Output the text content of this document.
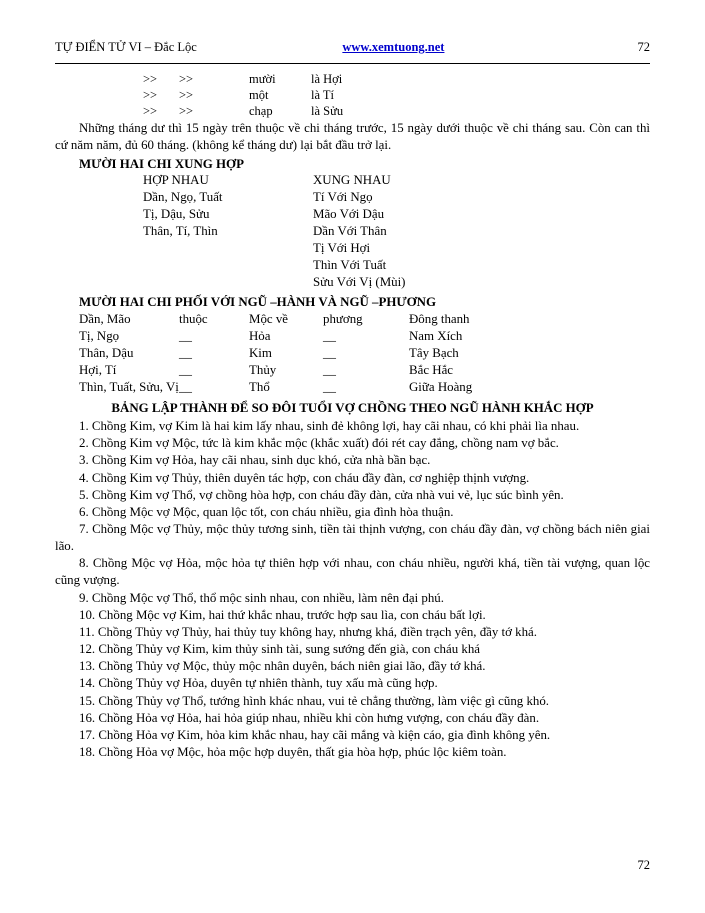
TỰ ĐIỂN TỬ VI – Đắc Lộc	www.xemtuong.net	72
>>	>>	mười	là Hợi
>>	>>	một	là Tí
>>	>>	chạp	là Sửu

Những tháng dư thì 15 ngày trên thuộc về chi tháng trước, 15 ngày dưới thuộc về chi tháng sau. Còn can thì cứ năm năm, đủ 60 tháng. (không kể tháng dư) lại bắt đầu trở lại.

MƯỜI HAI CHI XUNG HỢP
HỢP NHAU	XUNG NHAU
Dần, Ngọ, Tuất	Tí Với Ngọ
Tị, Dậu, Sửu	Mão Với Dậu
Thân, Tí, Thìn	Dần Với Thân
	Tị Với Hợi
	Thìn Với Tuất
	Sửu Với Vị (Mùi)
MƯỜI HAI CHI PHỐI VỚI NGŨ –HÀNH VÀ NGŨ –PHƯƠNG
Dần, Mão	thuộc	Mộc về	phương	Đông thanh
Tị, Ngọ	__	Hỏa	__	Nam Xích
Thân, Dậu	__	Kim	__	Tây Bạch
Hợi, Tí	__	Thủy	__	Bắc Hắc
Thìn, Tuất, Sửu, Vị	__	Thổ	__	Giữa Hoàng
BẢNG LẬP THÀNH ĐỂ SO ĐÔI TUỔI VỢ CHỒNG THEO NGŨ HÀNH KHẮC HỢP

1. Chồng Kim, vợ Kim là hai kim lấy nhau, sinh đẻ không lợi, hay cãi nhau, có khi phải lìa nhau.

2. Chồng Kim vợ Mộc, tức là kim khắc mộc (khắc xuất) đói rét cay đắng, chồng nam vợ bắc.

3. Chồng Kim vợ Hỏa, hay cãi nhau, sinh dục khó, cửa nhà bần bạc.

4. Chồng Kim vợ Thủy, thiên duyên tác hợp, con cháu đầy đàn, cơ nghiệp thịnh vượng.

5. Chồng Kim vợ Thổ, vợ chồng hòa hợp, con cháu đầy đàn, cửa nhà vui vẻ, lục súc bình yên.

6. Chồng Mộc vợ Mộc, quan lộc tốt, con cháu nhiều, gia đình hòa thuận.

7. Chồng Mộc vợ Thủy, mộc thủy tương sinh, tiền tài thịnh vượng, con cháu đầy đàn, vợ chồng bách niên giai lão.

8. Chồng Mộc vợ Hỏa, mộc hỏa tự thiên hợp với nhau, con cháu nhiều, người khá, tiền tài vượng, quan lộc cũng vượng.

9. Chồng Mộc vợ Thổ, thổ mộc sinh nhau, con nhiều, làm nên đại phú.

10. Chồng Mộc vợ Kim, hai thứ khắc nhau, trước hợp sau lìa, con cháu bất lợi.

11. Chồng Thủy vợ Thủy, hai thủy tuy không hay, nhưng khá, điền trạch yên, đầy tớ khá.

12. Chồng Thủy vợ Kim, kim thủy sinh tài, sung sướng đến già, con cháu khá

13. Chồng Thủy vợ Mộc, thủy mộc nhân duyên, bách niên giai lão, đầy tớ khá.

14. Chồng Thủy vợ Hỏa, duyên tự nhiên thành, tuy xấu mà cũng hợp.

15. Chồng Thủy vợ Thổ, tướng hình khác nhau, vui tẻ chẳng thường, làm việc gì cũng khó.

16. Chồng Hỏa vợ Hỏa, hai hỏa giúp nhau, nhiều khi còn hưng vượng, con cháu đầy đàn.

17. Chồng Hỏa vợ Kim, hỏa kim khắc nhau, hay cãi mắng và kiện cáo, gia đình không yên.

18. Chồng Hỏa vợ Mộc, hỏa mộc hợp duyên, thất gia hòa hợp, phúc lộc kiêm toàn.

72
